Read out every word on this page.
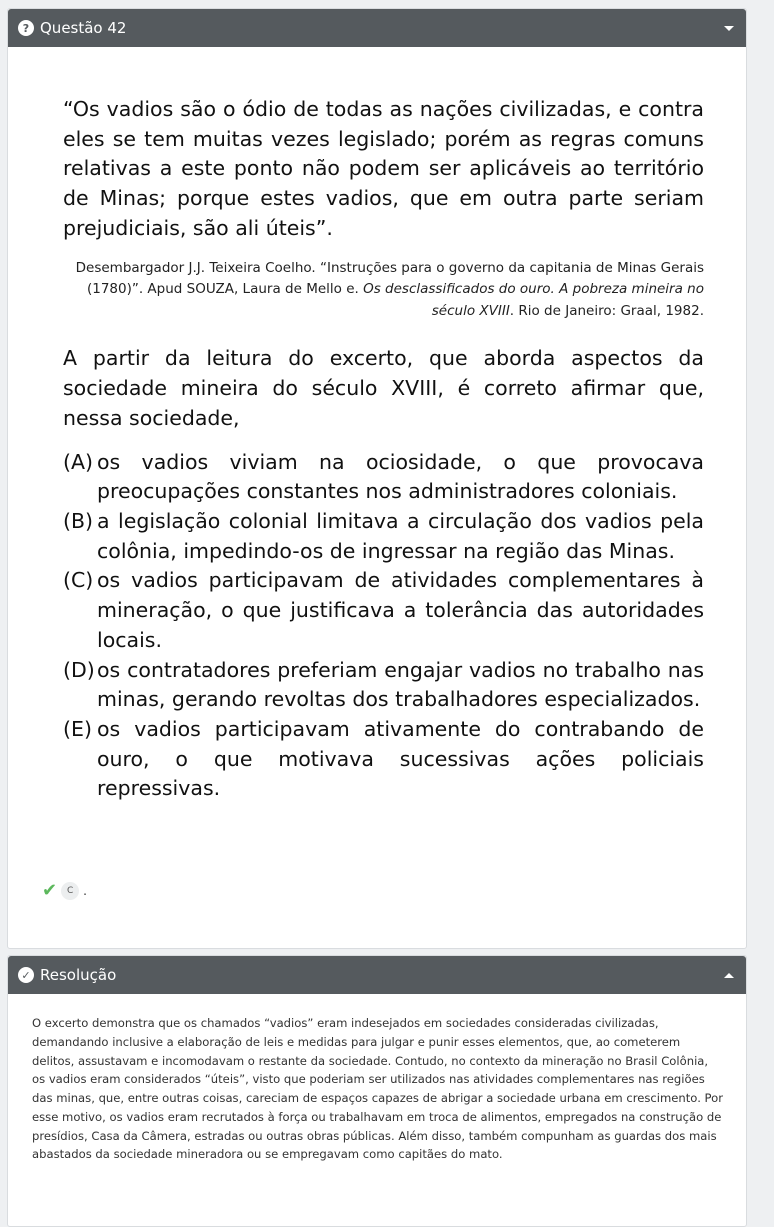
? Questão 42

“Os vadios são o ódio de todas as nações civilizadas, e contra eles se tem muitas vezes legislado; porém as regras comuns relativas a este ponto não podem ser aplicáveis ao território de Minas; porque estes vadios, que em outra parte seriam prejudiciais, são ali úteis”.

Desembargador J.J. Teixeira Coelho. “Instruções para o governo da capitania de Minas Gerais (1780)”. Apud SOUZA, Laura de Mello e. Os desclassificados do ouro. A pobreza mineira no século XVIII. Rio de Janeiro: Graal, 1982.

A partir da leitura do excerto, que aborda aspectos da sociedade mineira do século XVIII, é correto afirmar que, nessa sociedade,

(A) os vadios viviam na ociosidade, o que provocava preocupações constantes nos administradores coloniais.
(B) a legislação colonial limitava a circulação dos vadios pela colônia, impedindo-os de ingressar na região das Minas.
(C) os vadios participavam de atividades complementares à mineração, o que justificava a tolerância das autoridades locais.
(D) os contratadores preferiam engajar vadios no trabalho nas minas, gerando revoltas dos trabalhadores especializados.
(E) os vadios participavam ativamente do contrabando de ouro, o que motivava sucessivas ações policiais repressivas.
✔	C .
✓ Resolução
O excerto demonstra que os chamados “vadios” eram indesejados em sociedades consideradas civilizadas, demandando inclusive a elaboração de leis e medidas para julgar e punir esses elementos, que, ao cometerem delitos, assustavam e incomodavam o restante da sociedade. Contudo, no contexto da mineração no Brasil Colônia, os vadios eram considerados “úteis”, visto que poderiam ser utilizados nas atividades complementares nas regiões das minas, que, entre outras coisas, careciam de espaços capazes de abrigar a sociedade urbana em crescimento. Por esse motivo, os vadios eram recrutados à força ou trabalhavam em troca de alimentos, empregados na construção de presídios, Casa da Câmera, estradas ou outras obras públicas. Além disso, também compunham as guardas dos mais abastados da sociedade mineradora ou se empregavam como capitães do mato.
